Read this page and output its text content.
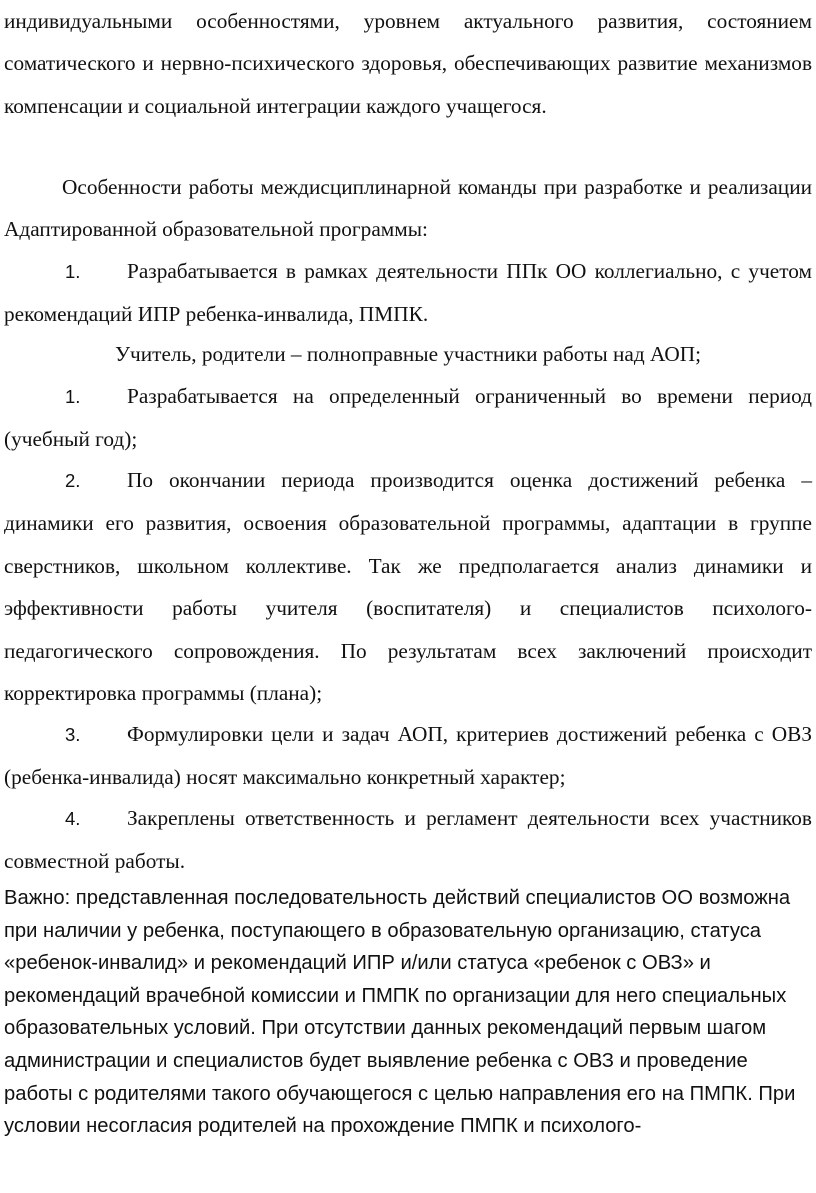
индивидуальными особенностями, уровнем актуального развития, состоянием соматического и нервно-психического здоровья, обеспечивающих развитие механизмов компенсации и социальной интеграции каждого учащегося.

Особенности работы междисциплинарной команды при разработке и реализации Адаптированной образовательной программы:

1. Разрабатывается в рамках деятельности ППк ОО коллегиально, с учетом рекомендаций ИПР ребенка-инвалида, ПМПК.

Учитель, родители – полноправные участники работы над АОП;

1. Разрабатывается на определенный ограниченный во времени период (учебный год);

2. По окончании периода производится оценка достижений ребенка – динамики его развития, освоения образовательной программы, адаптации в группе сверстников, школьном коллективе. Так же предполагается анализ динамики и эффективности работы учителя (воспитателя) и специалистов психолого-педагогического сопровождения. По результатам всех заключений происходит корректировка программы (плана);

3. Формулировки цели и задач АОП, критериев достижений ребенка с ОВЗ (ребенка-инвалида) носят максимально конкретный характер;

4. Закреплены ответственность и регламент деятельности всех участников совместной работы.

Важно: представленная последовательность действий специалистов ОО возможна при наличии у ребенка, поступающего в образовательную организацию, статуса «ребенок-инвалид» и рекомендаций ИПР и/или статуса «ребенок с ОВЗ» и рекомендаций врачебной комиссии и ПМПК по организации для него специальных образовательных условий. При отсутствии данных рекомендаций первым шагом администрации и специалистов будет выявление ребенка с ОВЗ и проведение работы с родителями такого обучающегося с целью направления его на ПМПК. При условии несогласия родителей на прохождение ПМПК и психолого-
